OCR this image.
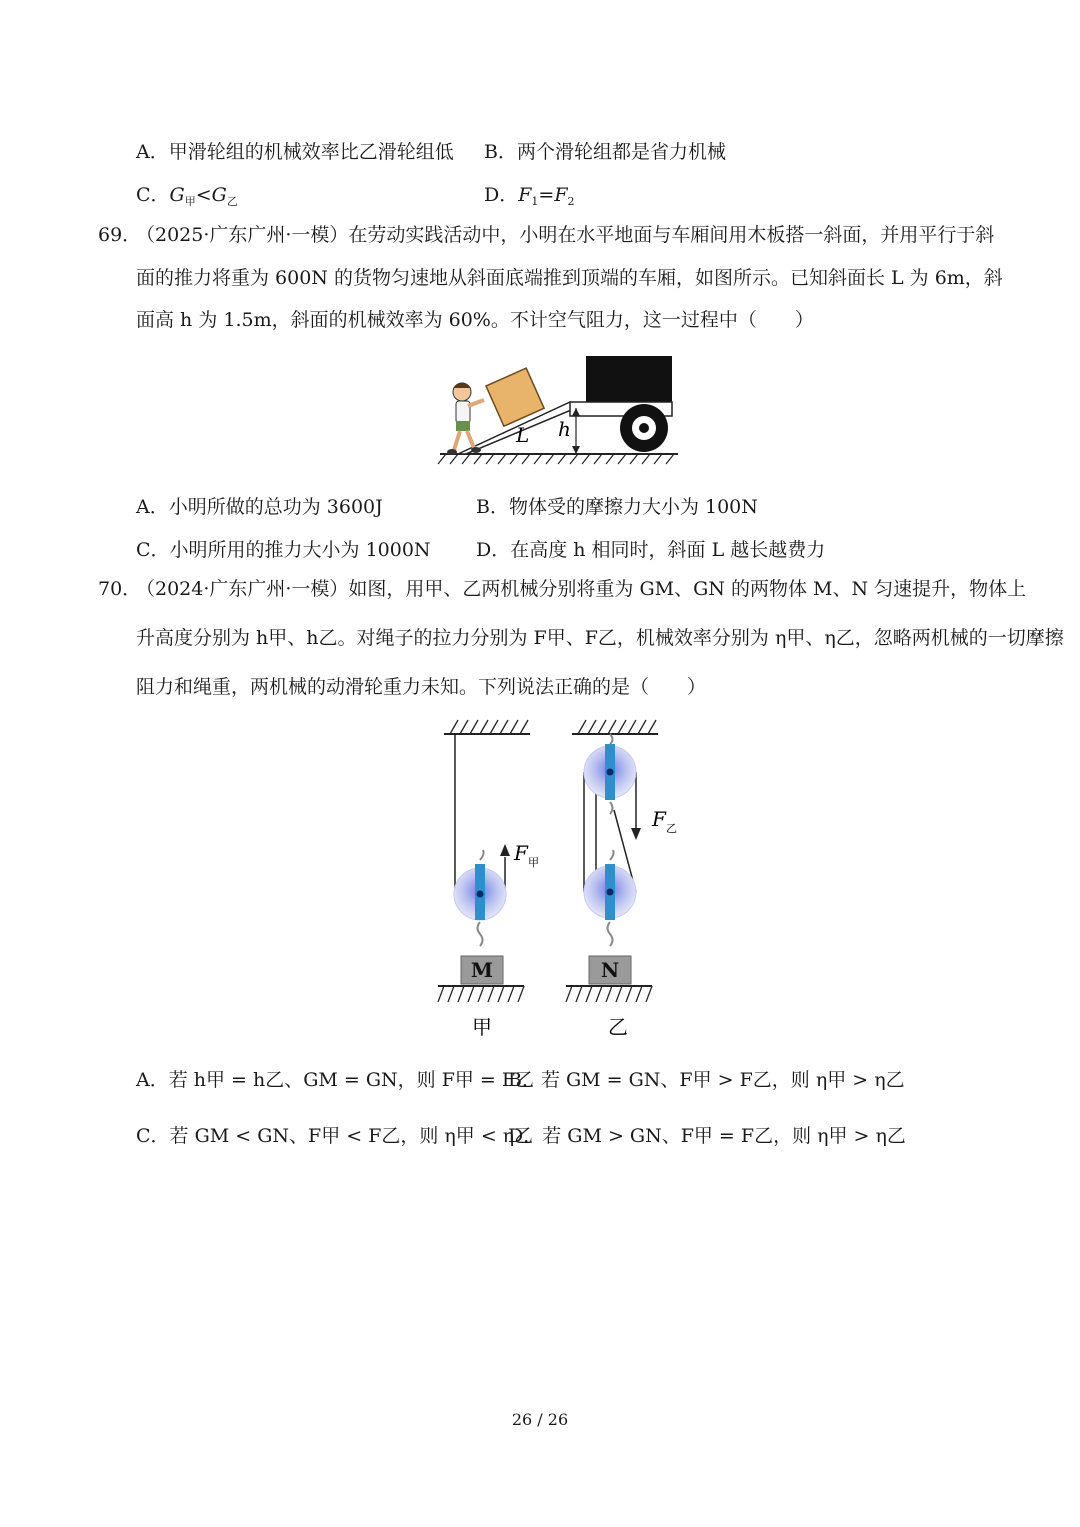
A．甲滑轮组的机械效率比乙滑轮组低 B．两个滑轮组都是省力机械
C．$G_甲<G_乙$	D．$F_1=F_2$
69．
（2025·广东广州·一模）在劳动实践活动中，小明在水平地面与车厢间用木板搭一斜面，并用平行于斜
面的推力将重为 600N 的货物匀速地从斜面底端推到顶端的车厢，如图所示。已知斜面长 L 为 6m，斜
面高 h 为 1.5m，斜面的机械效率为 60%。不计空气阻力，这一过程中（　　）
h
L
A．小明所做的总功为 3600J	B．物体受的摩擦力大小为 100N
C．小明所用的推力大小为 1000N D．在高度 h 相同时，斜面 L 越长越费力
70．
（2024·广东广州·一模）如图，用甲、乙两机械分别将重为 GM、GN 的两物体 M、N 匀速提升，物体上
升高度分别为 h甲、h乙。对绳子的拉力分别为 F甲、F乙，机械效率分别为 η甲、η乙，忽略两机械的一切摩擦
阻力和绳重，两机械的动滑轮重力未知。下列说法正确的是（　　）
F 甲
M
甲
F 乙
N
乙
A．若 h甲 = h乙、GM = GN，则 F甲 = F乙
B．若 GM = GN、F甲 > F乙，则 η甲 > η乙
C．若 GM < GN、F甲 < F乙，则 η甲 < η乙
D．若 GM > GN、F甲 = F乙，则 η甲 > η乙
26 / 26
